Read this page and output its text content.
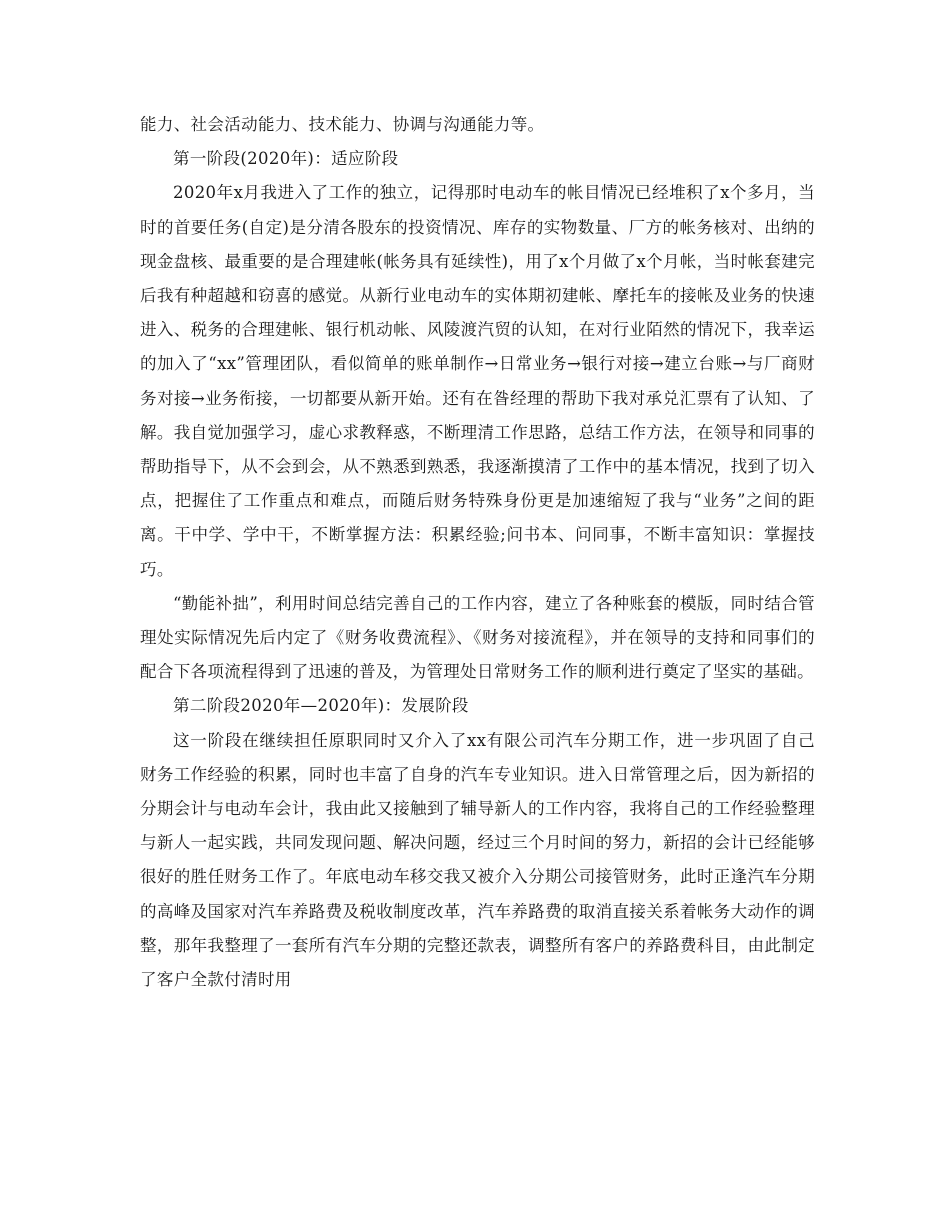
能力、社会活动能力、技术能力、协调与沟通能力等。

第一阶段(2020年)：适应阶段

2020年x月我进入了工作的独立，记得那时电动车的帐目情况已经堆积了x个多月，当时的首要任务(自定)是分清各股东的投资情况、库存的实物数量、厂方的帐务核对、出纳的现金盘核、最重要的是合理建帐(帐务具有延续性)，用了x个月做了x个月帐，当时帐套建完后我有种超越和窃喜的感觉。从新行业电动车的实体期初建帐、摩托车的接帐及业务的快速进入、税务的合理建帐、银行机动帐、风陵渡汽贸的认知，在对行业陌然的情况下，我幸运的加入了“xx”管理团队，看似简单的账单制作→日常业务→银行对接→建立台账→与厂商财务对接→业务衔接，一切都要从新开始。还有在昝经理的帮助下我对承兑汇票有了认知、了解。我自觉加强学习，虚心求教释惑，不断理清工作思路，总结工作方法，在领导和同事的帮助指导下，从不会到会，从不熟悉到熟悉，我逐渐摸清了工作中的基本情况，找到了切入点，把握住了工作重点和难点，而随后财务特殊身份更是加速缩短了我与“业务”之间的距离。干中学、学中干，不断掌握方法：积累经验;问书本、问同事，不断丰富知识：掌握技巧。

“勤能补拙”，利用时间总结完善自己的工作内容，建立了各种账套的模版，同时结合管理处实际情况先后内定了《财务收费流程》、《财务对接流程》，并在领导的支持和同事们的配合下各项流程得到了迅速的普及，为管理处日常财务工作的顺利进行奠定了坚实的基础。

第二阶段2020年—2020年)：发展阶段

这一阶段在继续担任原职同时又介入了xx有限公司汽车分期工作，进一步巩固了自己财务工作经验的积累，同时也丰富了自身的汽车专业知识。进入日常管理之后，因为新招的分期会计与电动车会计，我由此又接触到了辅导新人的工作内容，我将自己的工作经验整理与新人一起实践，共同发现问题、解决问题，经过三个月时间的努力，新招的会计已经能够很好的胜任财务工作了。年底电动车移交我又被介入分期公司接管财务，此时正逢汽车分期的高峰及国家对汽车养路费及税收制度改革，汽车养路费的取消直接关系着帐务大动作的调整，那年我整理了一套所有汽车分期的完整还款表，调整所有客户的养路费科目，由此制定了客户全款付清时用
